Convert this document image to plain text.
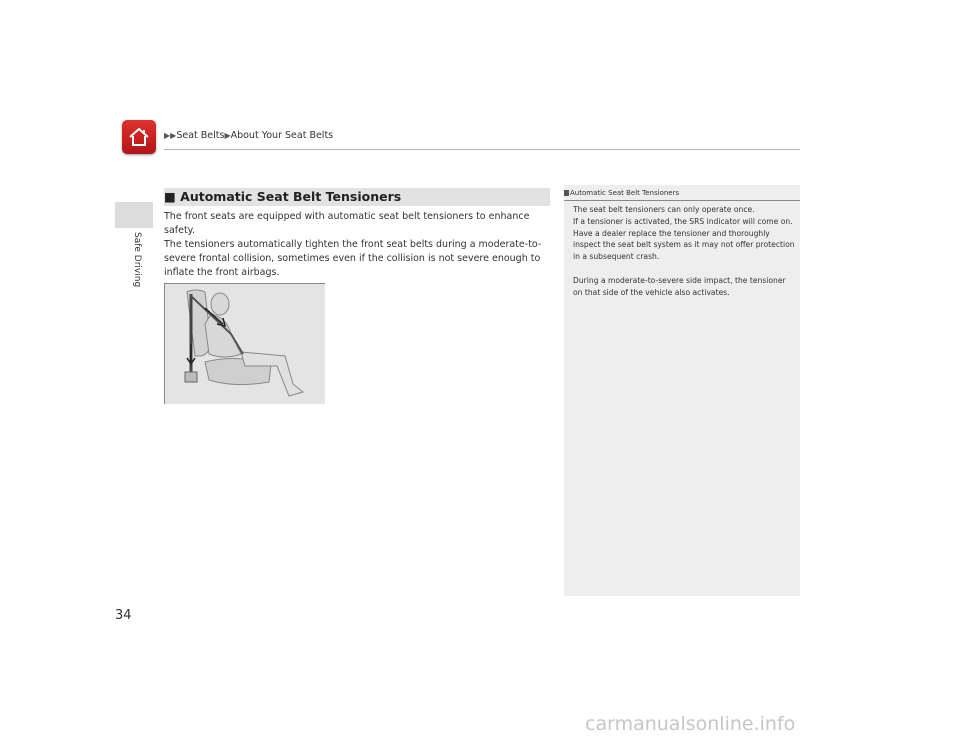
▶▶Seat Belts▶About Your Seat Belts
Safe Driving
■ Automatic Seat Belt Tensioners
The front seats are equipped with automatic seat belt tensioners to enhance safety.
The tensioners automatically tighten the front seat belts during a moderate-to-severe frontal collision, sometimes even if the collision is not severe enough to inflate the front airbags.
Automatic Seat Belt Tensioners

The seat belt tensioners can only operate once.
If a tensioner is activated, the SRS indicator will come on. Have a dealer replace the tensioner and thoroughly inspect the seat belt system as it may not offer protection in a subsequent crash.

During a moderate-to-severe side impact, the tensioner on that side of the vehicle also activates.

34
carmanualsonline.info
